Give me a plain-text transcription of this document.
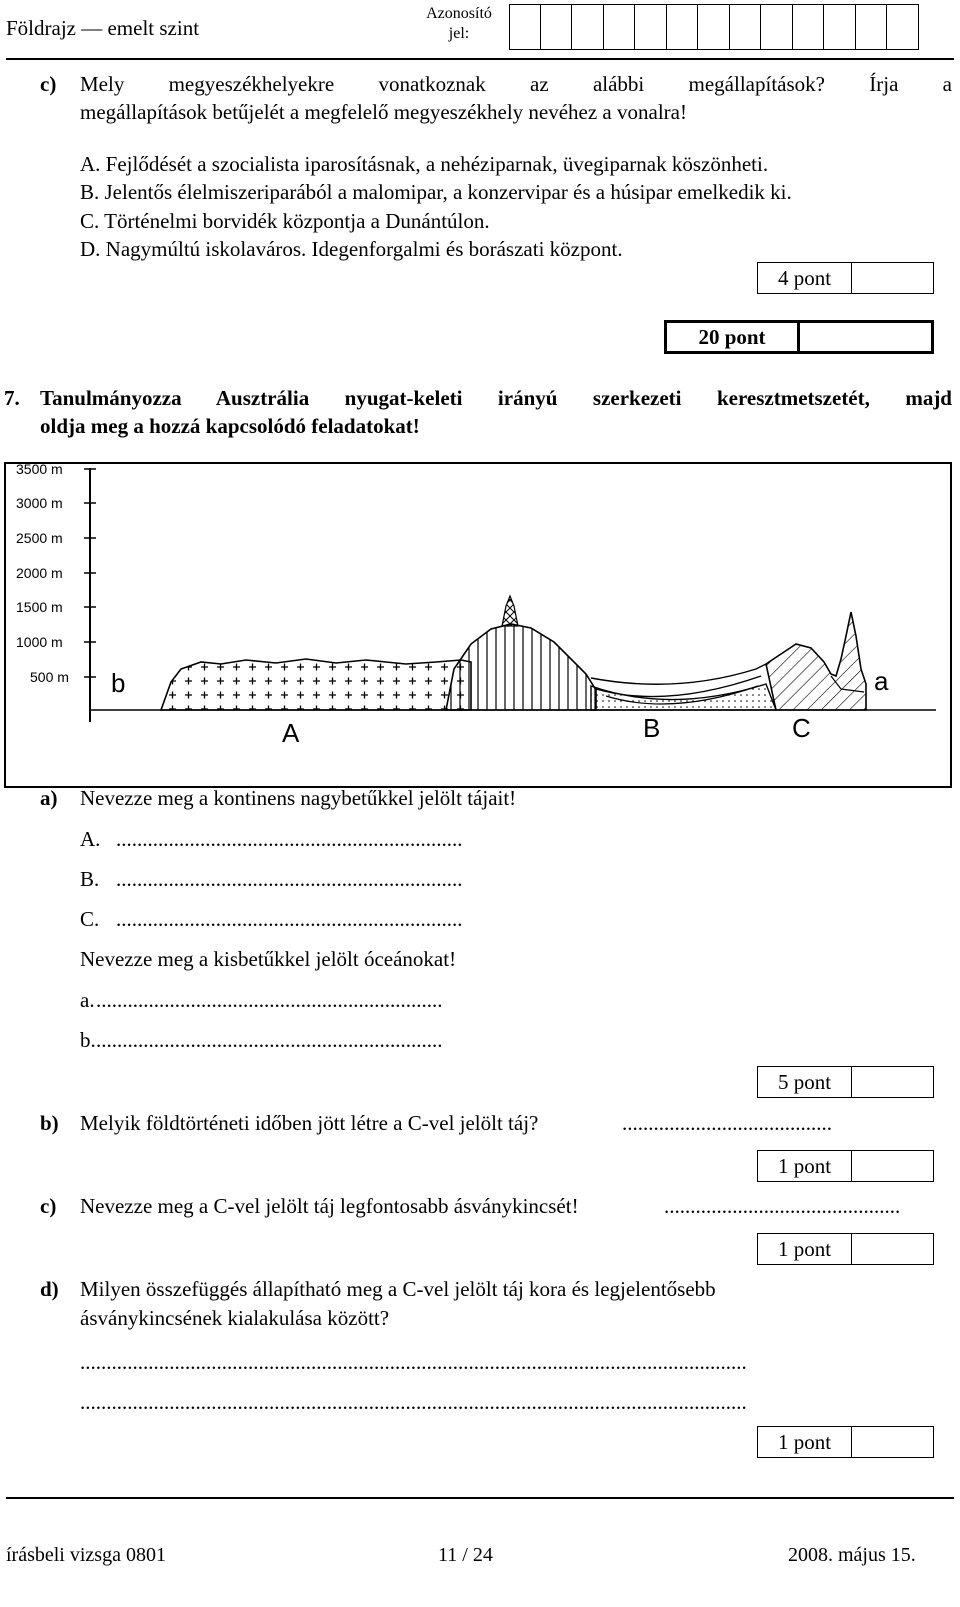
Földrajz — emelt szint
Azonosító
jel:
c) Mely megyeszékhelyekre vonatkoznak az alábbi megállapítások? Írja a
megállapítások betűjelét a megfelelő megyeszékhely nevéhez a vonalra!
A. Fejlődését a szocialista iparosításnak, a nehéziparnak, üvegiparnak köszönheti.
B. Jelentős élelmiszeriparából a malomipar, a konzervipar és a húsipar emelkedik ki.
C. Történelmi borvidék központja a Dunántúlon.
D. Nagymúltú iskolaváros. Idegenforgalmi és borászati központ.
4 pont
20 pont
7. Tanulmányozza Ausztrália nyugat-keleti irányú szerkezeti keresztmetszetét, majd
oldja meg a hozzá kapcsolódó feladatokat!
3500 m
3000 m
2500 m
2000 m
1500 m
1000 m
500 m b	a
A	B	C
a) Nevezze meg a kontinens nagybetűkkel jelölt tájait!
A. ..................................................................
B. ..................................................................
C. ..................................................................
Nevezze meg a kisbetűkkel jelölt óceánokat!
a...................................................................
b...................................................................
5 pont
b) Melyik földtörténeti időben jött létre a C-vel jelölt táj?	........................................
1 pont
c) Nevezze meg a C-vel jelölt táj legfontosabb ásványkincsét!	.............................................
1 pont
d) Milyen összefüggés állapítható meg a C-vel jelölt táj kora és legjelentősebb
ásványkincsének kialakulása között?
...............................................................................................................................
...............................................................................................................................
1 pont
írásbeli vizsga 0801	11 / 24	2008. május 15.
